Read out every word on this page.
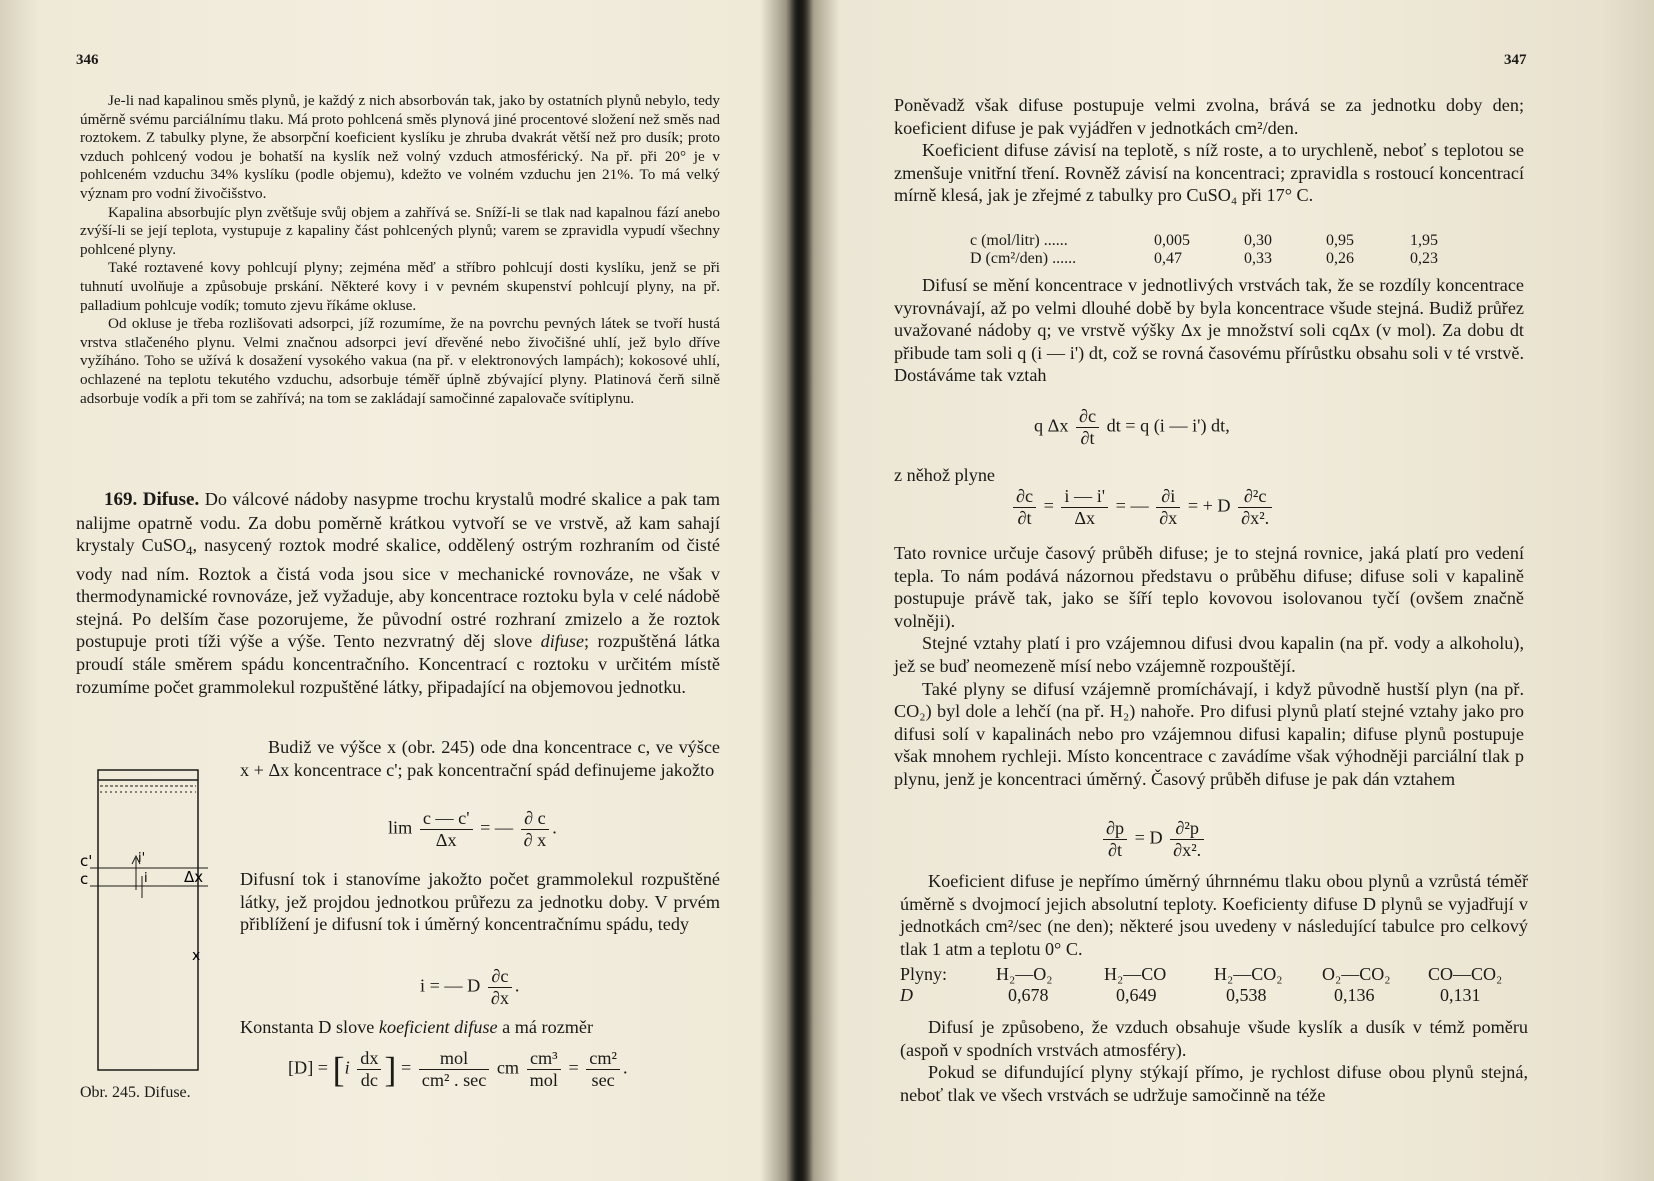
346

Je-li nad kapalinou směs plynů, je každý z nich absorbován tak, jako by ostatních plynů nebylo, tedy úměrně svému parciálnímu tlaku. Má proto pohlcená směs plynová jiné procentové složení než směs nad roztokem. Z tabulky plyne, že absorpční koeficient kyslíku je zhruba dvakrát větší než pro dusík; proto vzduch pohlcený vodou je bohatší na kyslík než volný vzduch atmosférický. Na př. při 20° je v pohlceném vzduchu 34% kyslíku (podle objemu), kdežto ve volném vzduchu jen 21%. To má velký význam pro vodní živočišstvo.

Kapalina absorbujíc plyn zvětšuje svůj objem a zahřívá se. Sníží-li se tlak nad kapalnou fází anebo zvýší-li se její teplota, vystupuje z kapaliny část pohlcených plynů; varem se zpravidla vypudí všechny pohlcené plyny.

Také roztavené kovy pohlcují plyny; zejména měď a stříbro pohlcují dosti kyslíku, jenž se při tuhnutí uvolňuje a způsobuje prskání. Některé kovy i v pevném skupenství pohlcují plyny, na př. palladium pohlcuje vodík; tomuto zjevu říkáme okluse.

Od okluse je třeba rozlišovati adsorpci, jíž rozumíme, že na povrchu pevných látek se tvoří hustá vrstva stlačeného plynu. Velmi značnou adsorpci jeví dřevěné nebo živočišné uhlí, jež bylo dříve vyžíháno. Toho se užívá k dosažení vysokého vakua (na př. v elektronových lampách); kokosové uhlí, ochlazené na teplotu tekutého vzduchu, adsorbuje téměř úplně zbývající plyny. Platinová čerň silně adsorbuje vodík a při tom se zahřívá; na tom se zakládají samočinné zapalovače svítiplynu.

169. Difuse. Do válcové nádoby nasypme trochu krystalů modré skalice a pak tam nalijme opatrně vodu. Za dobu poměrně krátkou vytvoří se ve vrstvě, až kam sahají krystaly CuSO$_4$, nasycený roztok modré skalice, oddělený ostrým rozhraním od čisté vody nad ním. Roztok a čistá voda jsou sice v mechanické rovnováze, ne však v thermodynamické rovnováze, jež vyžaduje, aby koncentrace roztoku byla v celé nádobě stejná. Po delším čase pozorujeme, že původní ostré rozhraní zmizelo a že roztok postupuje proti tíži výše a výše. Tento nezvratný děj slove difuse; rozpuštěná látka proudí stále směrem spádu koncentračního. Koncentrací c roztoku v určitém místě rozumíme počet grammolekul rozpuštěné látky, připadající na objemovou jednotku.

Budiž ve výšce x (obr. 245) ode dna koncentrace c, ve výšce x + Δx koncentrace c'; pak koncentrační spád definujeme jakožto

$\lim \frac{c — c'}{\Delta x}$ = — $\frac{\partial c}{\partial x}$ .

Difusní tok i stanovíme jakožto počet grammolekul rozpuštěné látky, jež projdou jednotkou průřezu za jednotku doby. V prvém přiblížení je difusní tok i úměrný koncentračnímu spádu, tedy

i = — D $\frac{\partial c}{\partial x}$ .

Konstanta D slove koeficient difuse a má rozměr

$[D] = [i \frac{dx}{dc}$ ] = $\frac{\text{mol}}{\text{cm² . sec}}$ cm $\frac{\text{cm³}}{\text{mol}} = \frac{\text{cm²}}{\sec}$ .
c'
c
i'
i Δx
x
Obr. 245. Difuse.
347

Poněvadž však difuse postupuje velmi zvolna, brává se za jednotku doby den; koeficient difuse je pak vyjádřen v jednotkách cm²/den.

Koeficient difuse závisí na teplotě, s níž roste, a to urychleně, neboť s teplotou se zmenšuje vnitřní tření. Rovněž závisí na koncentraci; zpravidla s rostoucí koncentrací mírně klesá, jak je zřejmé z tabulky pro CuSO₄ při 17° C.

c (mol/litr) ......	0,005	0,30	0,95	1,95
D (cm²/den) ......	0,47	0,33	0,26	0,23

Difusí se mění koncentrace v jednotlivých vrstvách tak, že se rozdíly koncentrace vyrovnávají, až po velmi dlouhé době by byla koncentrace všude stejná. Budiž průřez uvažované nádoby q; ve vrstvě výšky Δx je množství soli cqΔx (v mol). Za dobu dt přibude tam soli q (i — i') dt, což se rovná časovému přírůstku obsahu soli v té vrstvě. Dostáváme tak vztah

q Δx $\frac{\partial c}{\partial t}$ dt = q (i — i') dt,

z něhož plyne

$\frac{\partial c}{\partial t} = \frac{i — i'}{\Delta x}$ = — $\frac{\partial i}{\partial x}$ = + D $\frac{\text{∂²c}}{\text{∂x².}}$

Tato rovnice určuje časový průběh difuse; je to stejná rovnice, jaká platí pro vedení tepla. To nám podává názornou představu o průběhu difuse; difuse soli v kapalině postupuje právě tak, jako se šíří teplo kovovou isolovanou tyčí (ovšem značně volněji).

Stejné vztahy platí i pro vzájemnou difusi dvou kapalin (na př. vody a alkoholu), jež se buď neomezeně mísí nebo vzájemně rozpouštějí.

Také plyny se difusí vzájemně promíchávají, i když původně hustší plyn (na př. CO₂) byl dole a lehčí (na př. H₂) nahoře. Pro difusi plynů platí stejné vztahy jako pro difusi solí v kapalinách nebo pro vzájemnou difusi kapalin; difuse plynů postupuje však mnohem rychleji. Místo koncentrace c zavádíme však výhodněji parciální tlak p plynu, jenž je koncentraci úměrný. Časový průběh difuse je pak dán vztahem

$\frac{\partial p}{\partial t} = D \frac{\text{∂²p}}{\text{∂x².}}$

Koeficient difuse je nepřímo úměrný úhrnnému tlaku obou plynů a vzrůstá téměř úměrně s dvojmocí jejich absolutní teploty. Koeficienty difuse D plynů se vyjadřují v jednotkách cm²/sec (ne den); některé jsou uvedeny v následující tabulce pro celkový tlak 1 atm a teplotu 0° C.

Plyny:	H₂—O₂	H₂—CO	H₂—CO₂	O₂—CO₂	CO—CO₂
D	0,678	0,649	0,538	0,136	0,131

Difusí je způsobeno, že vzduch obsahuje všude kyslík a dusík v témž poměru (aspoň v spodních vrstvách atmosféry).

Pokud se difundující plyny stýkají přímo, je rychlost difuse obou plynů stejná, neboť tlak ve všech vrstvách se udržuje samočinně na téže
